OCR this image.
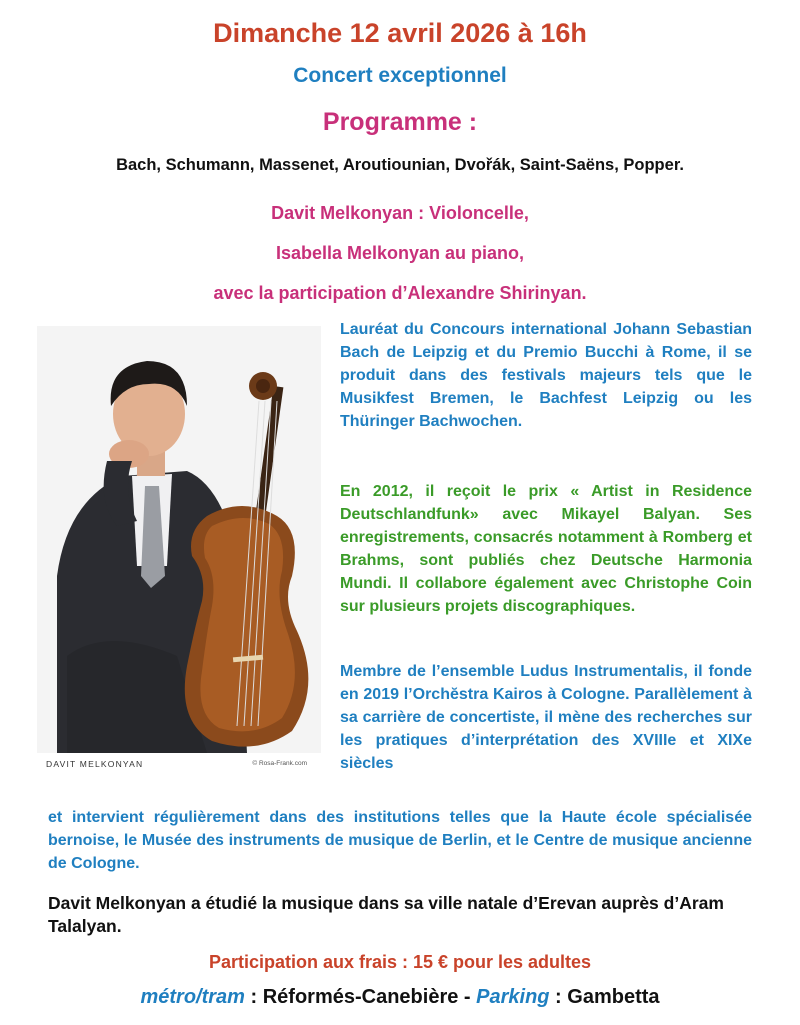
Dimanche 12 avril 2026 à 16h
Concert exceptionnel
Programme :
Bach, Schumann, Massenet, Aroutiounian, Dvořák, Saint-Saëns, Popper.
Davit Melkonyan : Violoncelle,
Isabella Melkonyan au piano,
avec la participation d’Alexandre Shirinyan.
DAVIT MELKONYAN	© Rosa-Frank.com

Lauréat du Concours international Johann Sebastian Bach de Leipzig et du Premio Bucchi à Rome, il se produit dans des festivals majeurs tels que le Musikfest Bremen, le Bachfest Leipzig ou les Thüringer Bachwochen.

En 2012, il reçoit le prix « Artist in Residence Deutschlandfunk» avec Mikayel Balyan. Ses enregistrements, consacrés notamment à Romberg et Brahms, sont publiés chez Deutsche Harmonia Mundi. Il collabore également avec Christophe Coin sur plusieurs projets discographiques.

Membre de l’ensemble Ludus Instrumentalis, il fonde en 2019 l’Orchĕstra Kairos à Cologne. Parallèlement à sa carrière de concertiste, il mène des recherches sur les pratiques d’interprétation des XVIIIe et XIXe siècles

et intervient régulièrement dans des institutions telles que la Haute école spécialisée bernoise, le Musée des instruments de musique de Berlin, et le Centre de musique ancienne de Cologne.

Davit Melkonyan a étudié la musique dans sa ville natale d’Erevan auprès d’Aram Talalyan.

Participation aux frais : 15 € pour les adultes
métro/tram : Réformés-Canebière - Parking : Gambetta
